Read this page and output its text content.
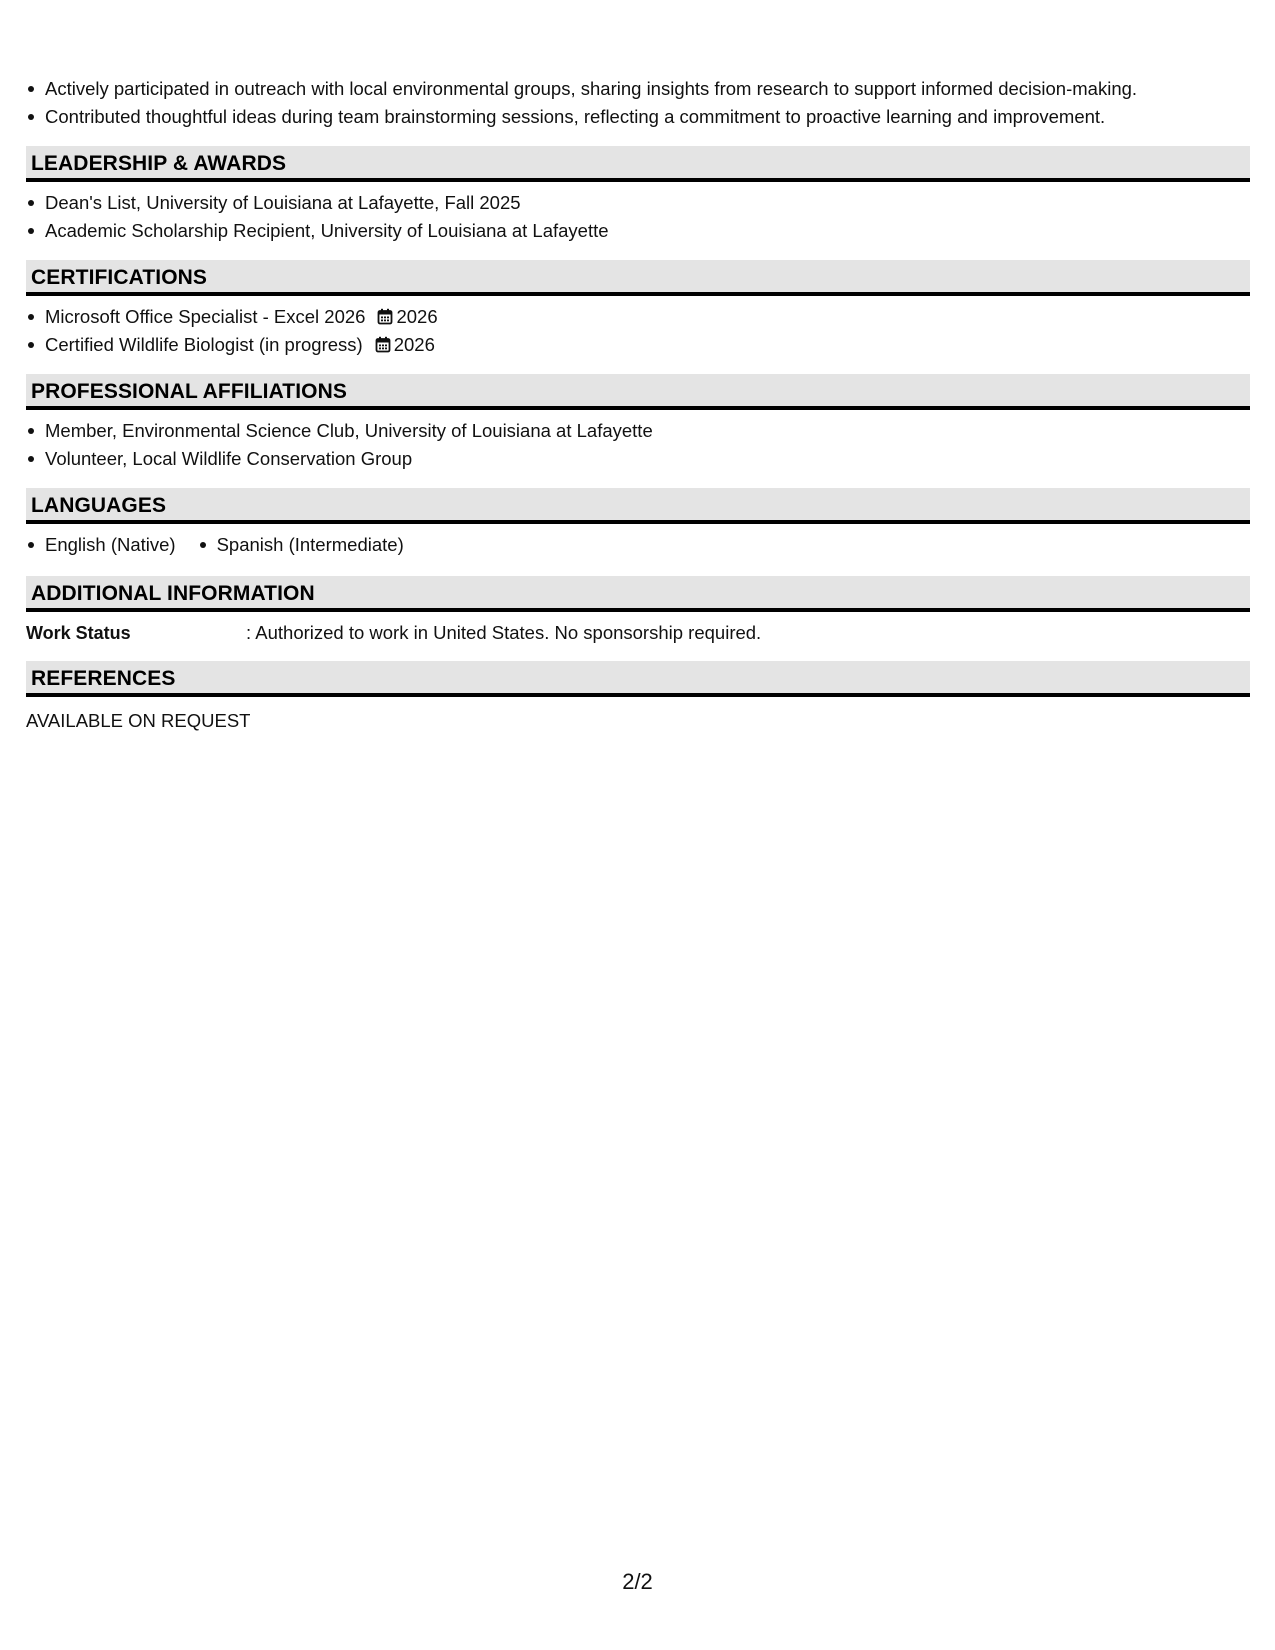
Actively participated in outreach with local environmental groups, sharing insights from research to support informed decision-making.
Contributed thoughtful ideas during team brainstorming sessions, reflecting a commitment to proactive learning and improvement.
LEADERSHIP & AWARDS
Dean's List, University of Louisiana at Lafayette, Fall 2025
Academic Scholarship Recipient, University of Louisiana at Lafayette
CERTIFICATIONS
Microsoft Office Specialist - Excel 2026 2026
Certified Wildlife Biologist (in progress) 2026
PROFESSIONAL AFFILIATIONS
Member, Environmental Science Club, University of Louisiana at Lafayette
Volunteer, Local Wildlife Conservation Group
LANGUAGES
English (Native)	Spanish (Intermediate)
ADDITIONAL INFORMATION
Work Status	: Authorized to work in United States. No sponsorship required.
REFERENCES
AVAILABLE ON REQUEST
2/2
